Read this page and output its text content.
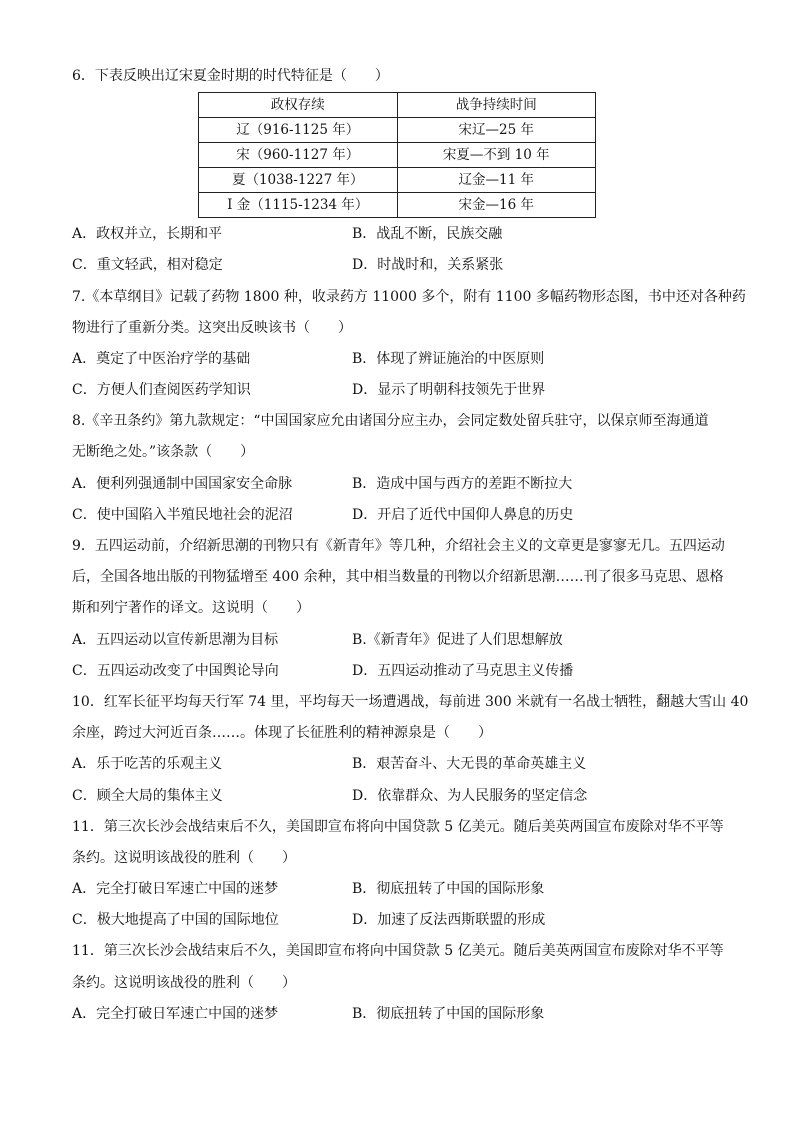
6．下表反映出辽宋夏金时期的时代特征是（　　）
政权存续	战争持续时间
辽（916-1125 年）	宋辽—25 年
宋（960-1127 年）	宋夏—不到 10 年
夏（1038-1227 年）	辽金—11 年
I 金（1115-1234 年）	宋金—16 年
A．政权并立，长期和平	B．战乱不断，民族交融
C．重文轻武，相对稳定	D．时战时和，关系紧张
7.《本草纲目》记载了药物 1800 种，收录药方 11000 多个，附有 1100 多幅药物形态图，书中还对各种药
物进行了重新分类。这突出反映该书（　　）
A．奠定了中医治疗学的基础	B．体现了辨证施治的中医原则
C．方便人们查阅医药学知识	D．显示了明朝科技领先于世界
8.《辛丑条约》第九款规定：“中国国家应允由诸国分应主办，会同定数处留兵驻守，以保京师至海通道
无断绝之处。”该条款（　　）
A．便利列强通制中国国家安全命脉	B．造成中国与西方的差距不断拉大
C．使中国陷入半殖民地社会的泥沼	D．开启了近代中国仰人鼻息的历史
9．五四运动前，介绍新思潮的刊物只有《新青年》等几种，介绍社会主义的文章更是寥寥无几。五四运动
后，全国各地出版的刊物猛增至 400 余种，其中相当数量的刊物以介绍新思潮……刊了很多马克思、恩格
斯和列宁著作的译文。这说明（　　）
A．五四运动以宣传新思潮为目标	B.《新青年》促进了人们思想解放
C．五四运动改变了中国舆论导向	D．五四运动推动了马克思主义传播
10．红军长征平均每天行军 74 里，平均每天一场遭遇战，每前进 300 米就有一名战士牺牲，翻越大雪山 40
余座，跨过大河近百条……。体现了长征胜利的精神源泉是（　　）
A．乐于吃苦的乐观主义	B．艰苦奋斗、大无畏的革命英雄主义
C．顾全大局的集体主义	D．依靠群众、为人民服务的坚定信念
11．第三次长沙会战结束后不久，美国即宣布将向中国贷款 5 亿美元。随后美英两国宣布废除对华不平等
条约。这说明该战役的胜利（　　）
A．完全打破日军速亡中国的迷梦	B．彻底扭转了中国的国际形象
C．极大地提高了中国的国际地位	D．加速了反法西斯联盟的形成
11．第三次长沙会战结束后不久，美国即宣布将向中国贷款 5 亿美元。随后美英两国宣布废除对华不平等
条约。这说明该战役的胜利（　　）
A．完全打破日军速亡中国的迷梦	B．彻底扭转了中国的国际形象
